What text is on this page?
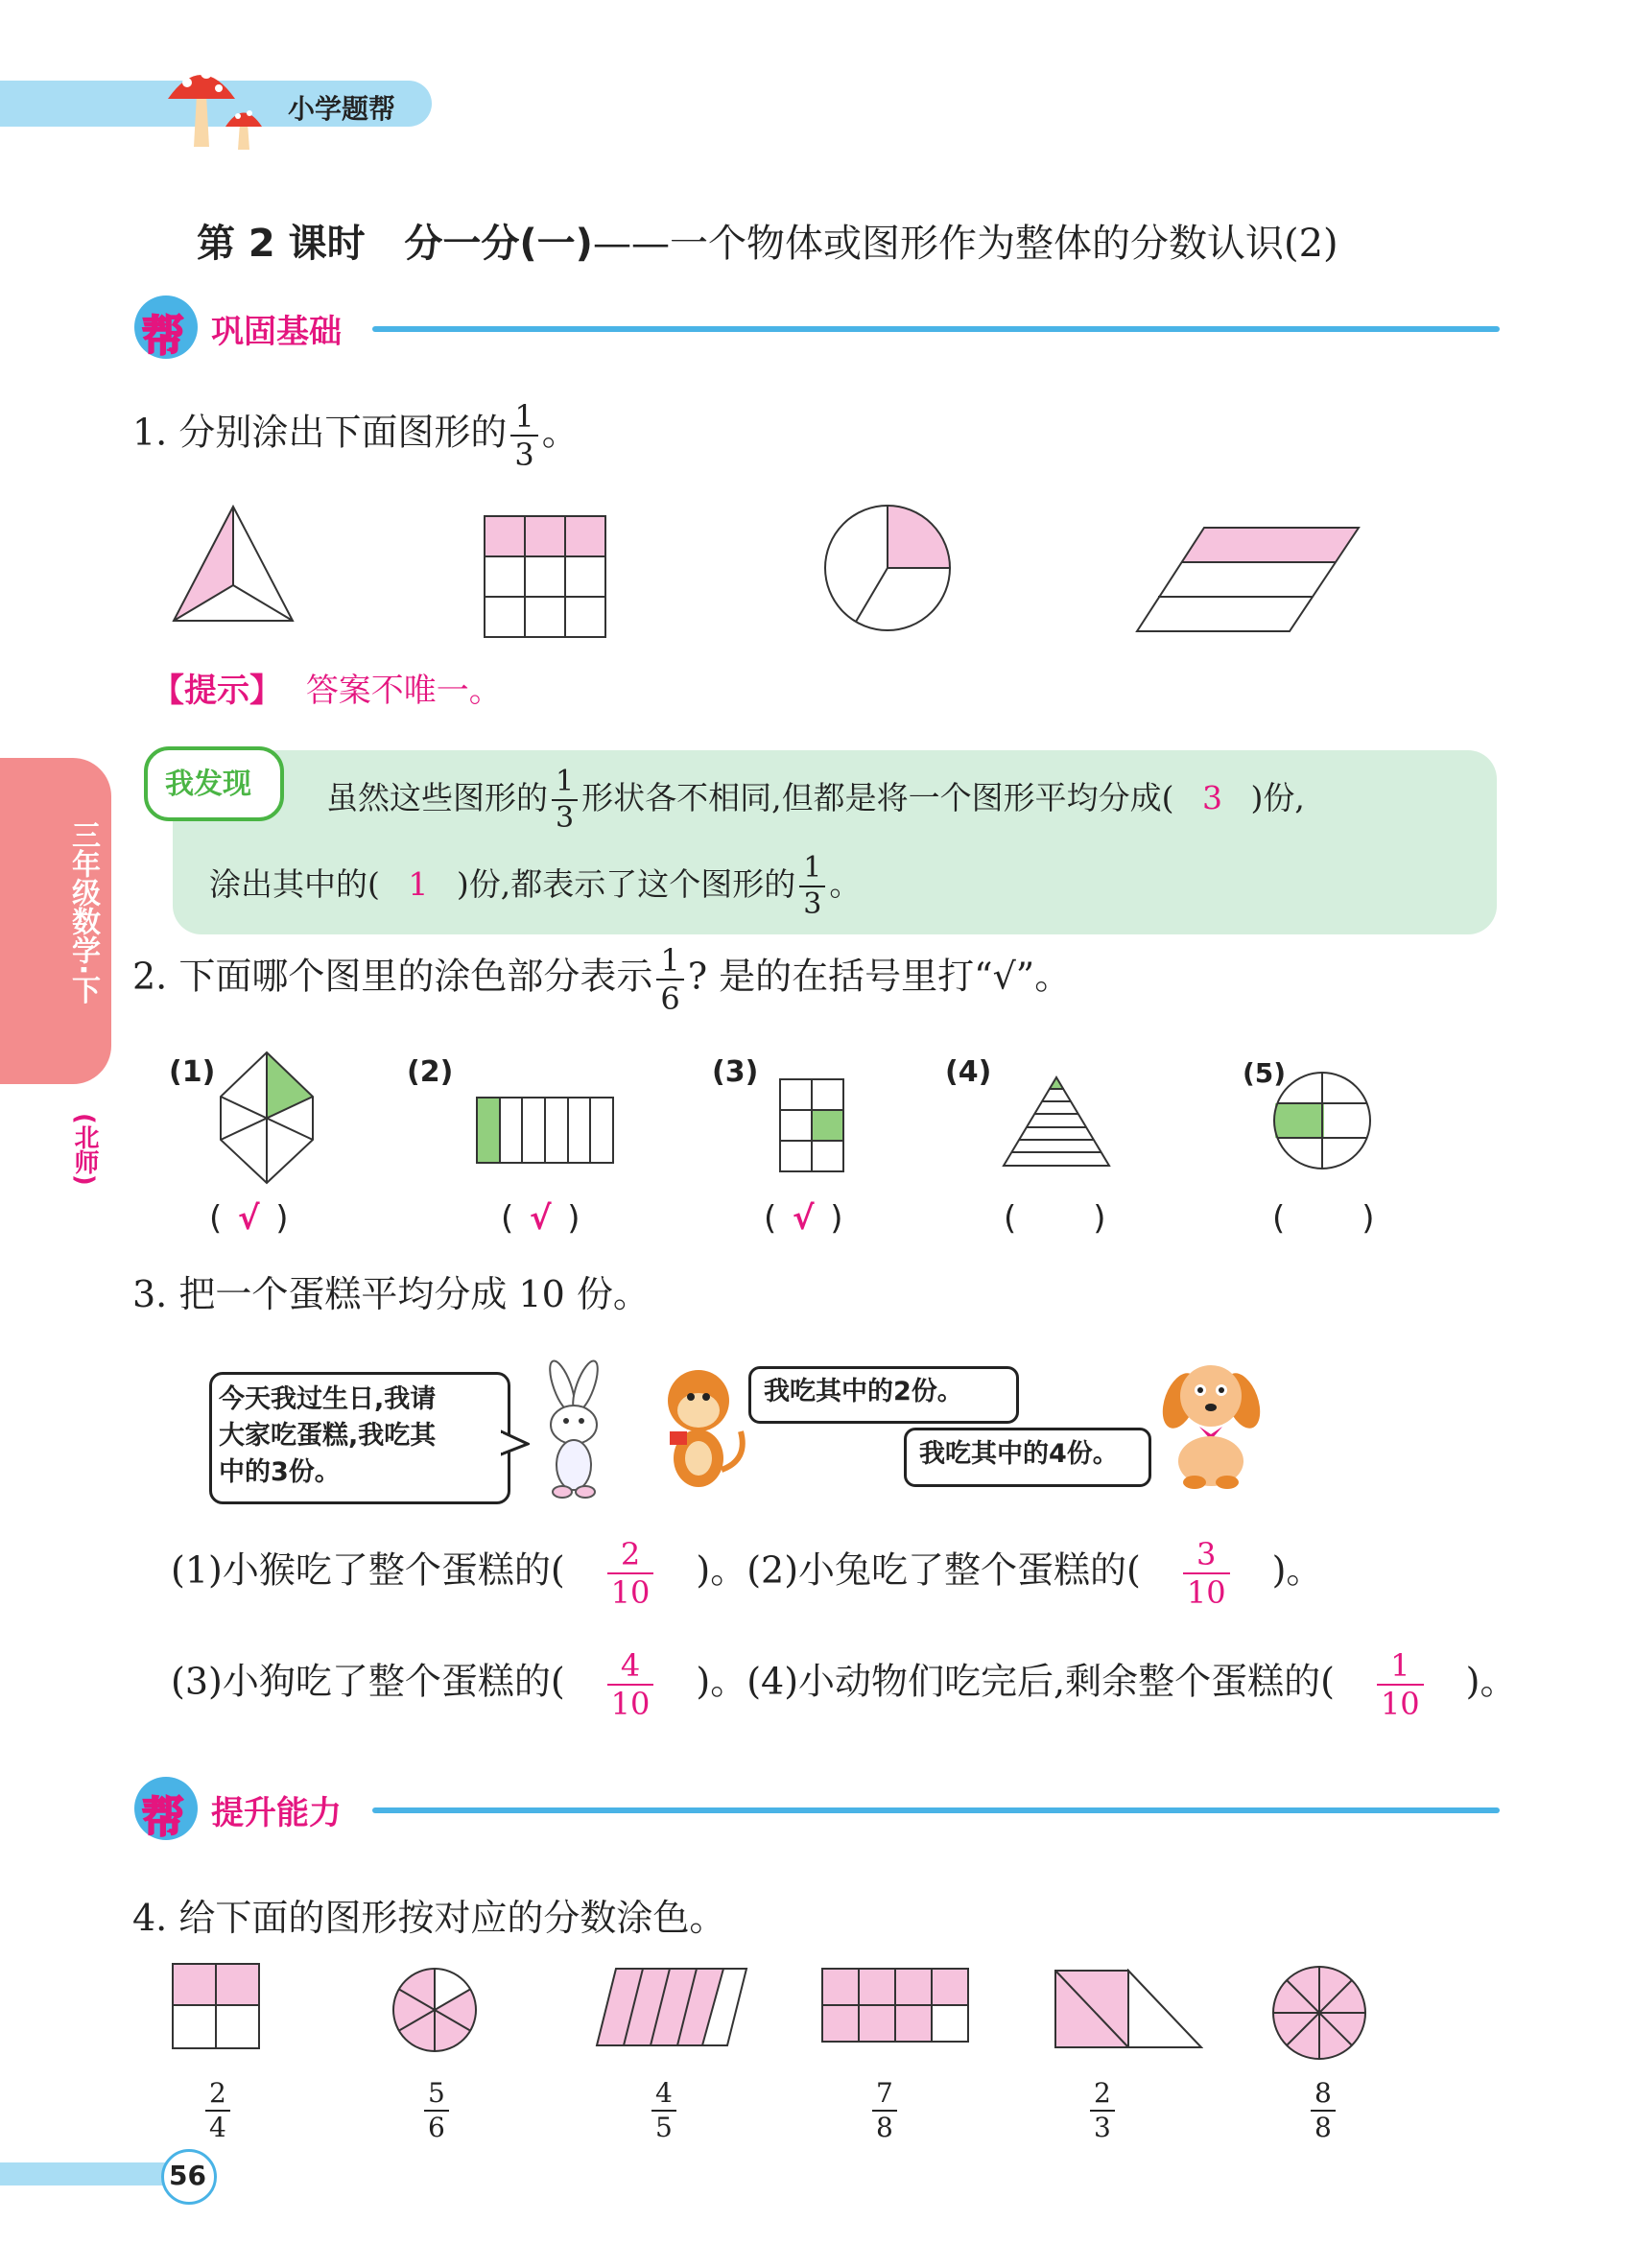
小学题帮
第 2 课时 分一分(一)——一个物体或图形作为整体的分数认识(2)
帮 巩固基础
三年级数学·下
(北师)
1. 分别涂出下面图形的 $\frac{1}{3}$ 。
【提示】 答案不唯一。
我发现 虽然这些图形的 $\frac{1}{3}$ 形状各不相同,但都是将一个图形平均分成( 3 )份,
涂出其中的( 1 )份,都表示了这个图形的 $\frac{1}{3}$ 。
2. 下面哪个图里的涂色部分表示 $\frac{1}{6}$ ? 是的在括号里打“√”。
(1)
( √ )
(2)
( √ )
(3)
( √ )
(4)
( )
(5)
( )
3. 把一个蛋糕平均分成 10 份。
今天我过生日,我请
大家吃蛋糕,我吃其
中的3份。
我吃其中的2份。
我吃其中的4份。
(1)小猴吃了整个蛋糕的( $\frac{2}{10}$ )。(2)小兔吃了整个蛋糕的( $\frac{3}{10}$ )。
(3)小狗吃了整个蛋糕的( $\frac{4}{10}$ )。(4)小动物们吃完后,剩余整个蛋糕的( $\frac{1}{10}$ )。
帮 提升能力
4. 给下面的图形按对应的分数涂色。
$\frac{2}{4}$	$\frac{5}{6}$	$\frac{4}{5}$	$\frac{7}{8}$	$\frac{2}{3}$	$\frac{8}{8}$
56
